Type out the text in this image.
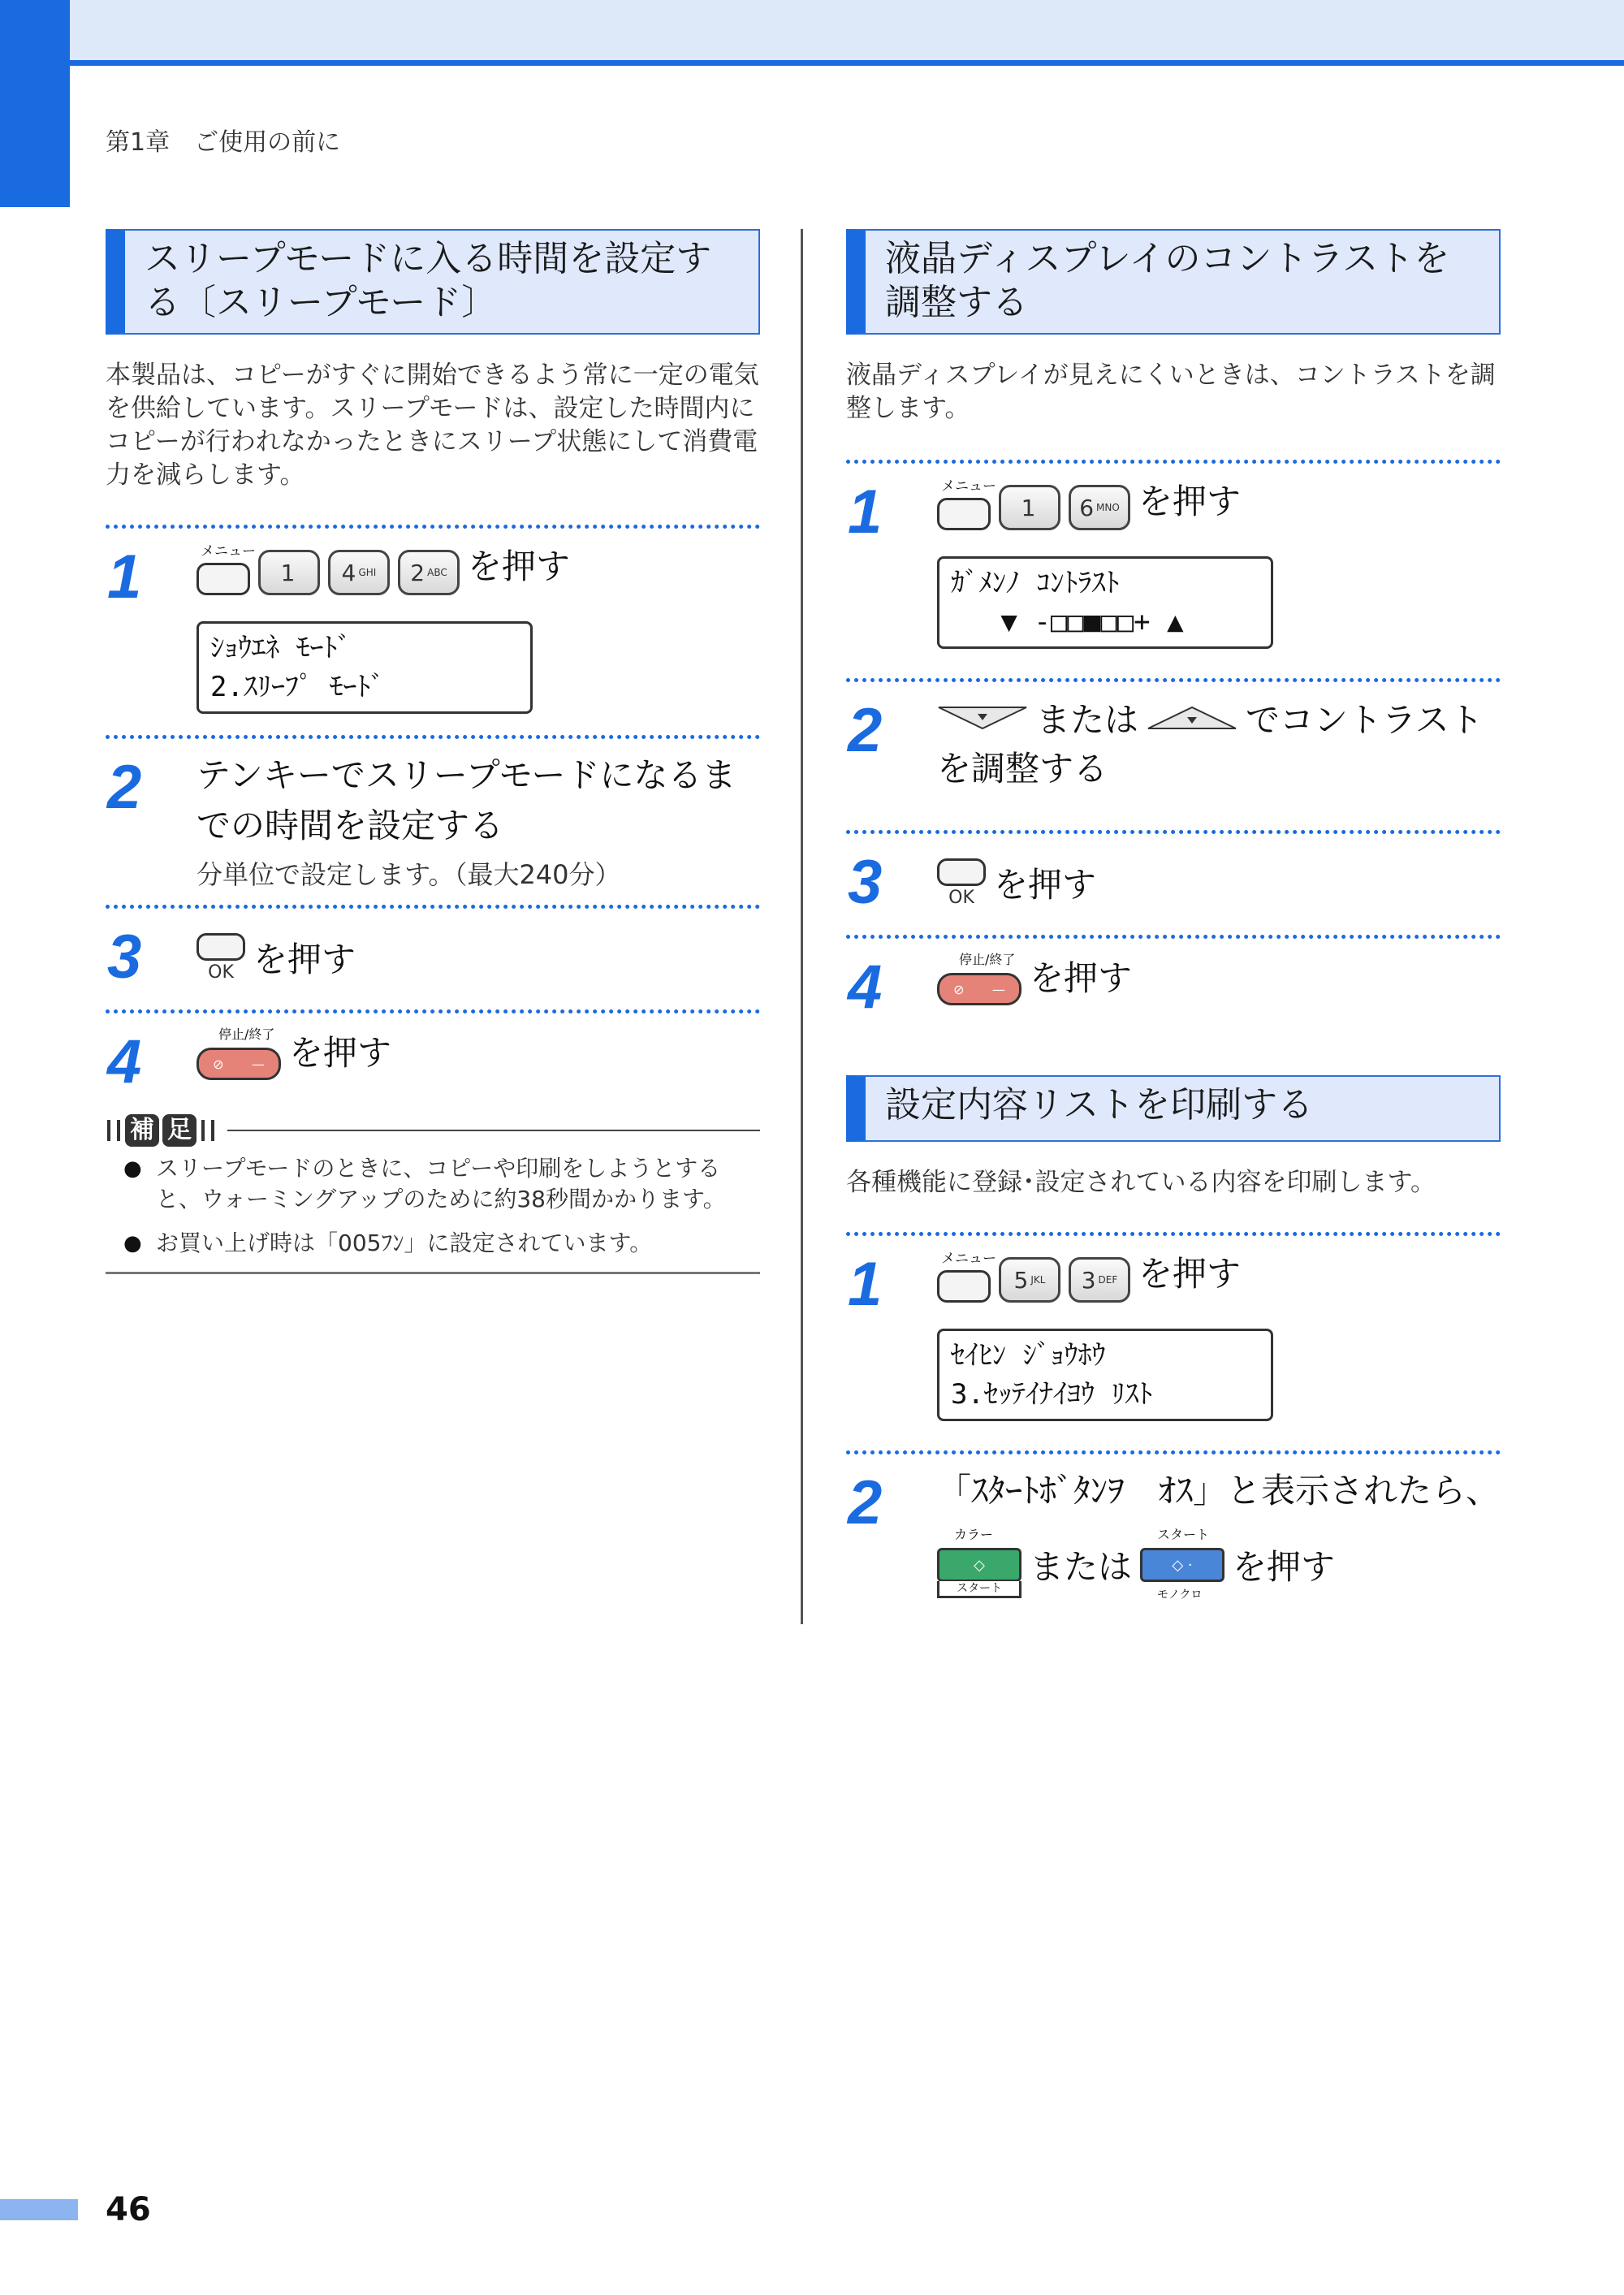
第1章　ご使用の前に
スリープモードに入る時間を設定する〔スリープモード〕
本製品は、コピーがすぐに開始できるよう常に一定の電気を供給しています。スリープモードは、設定した時間内にコピーが行われなかったときにスリープ状態にして消費電力を減らします。
1	メニュー
1 4 GHI 2 ABC を押す
ｼｮｳｴﾈ ﾓｰﾄﾞ
2.ｽﾘｰﾌﾟ ﾓｰﾄﾞ
2 テンキーでスリープモードになるまでの時間を設定する
分単位で設定します。（最大240分）
3	OK を押す
4	停止/終了
⊘ — を押す
補 足
● スリープモードのときに、コピーや印刷をしようとすると、ウォーミングアップのために約38秒間かかります。
● お買い上げ時は「005ﾌﾝ」に設定されています。
液晶ディスプレイのコントラストを調整する
液晶ディスプレイが見えにくいときは、コントラストを調整します。
1	メニュー
1 6 MNO を押す
ｶﾞﾒﾝﾉ ｺﾝﾄﾗｽﾄ
▼ -□□■□□+ ▲
2	または	でコントラスト
を調整する
3	OK を押す
4	停止/終了
⊘ — を押す
設定内容リストを印刷する
各種機能に登録･設定されている内容を印刷します。
1	メニュー
5 JKL 3 DEF を押す
ｾｲﾋﾝ ｼﾞｮｳﾎｳ
3.ｾｯﾃｲﾅｲﾖｳ ﾘｽﾄ
2 「ｽﾀｰﾄﾎﾞﾀﾝｦ　ｵｽ」と表示されたら、
カラー
◇
スタート
または
スタート
◇ ·
モノクロ
を押す
46
